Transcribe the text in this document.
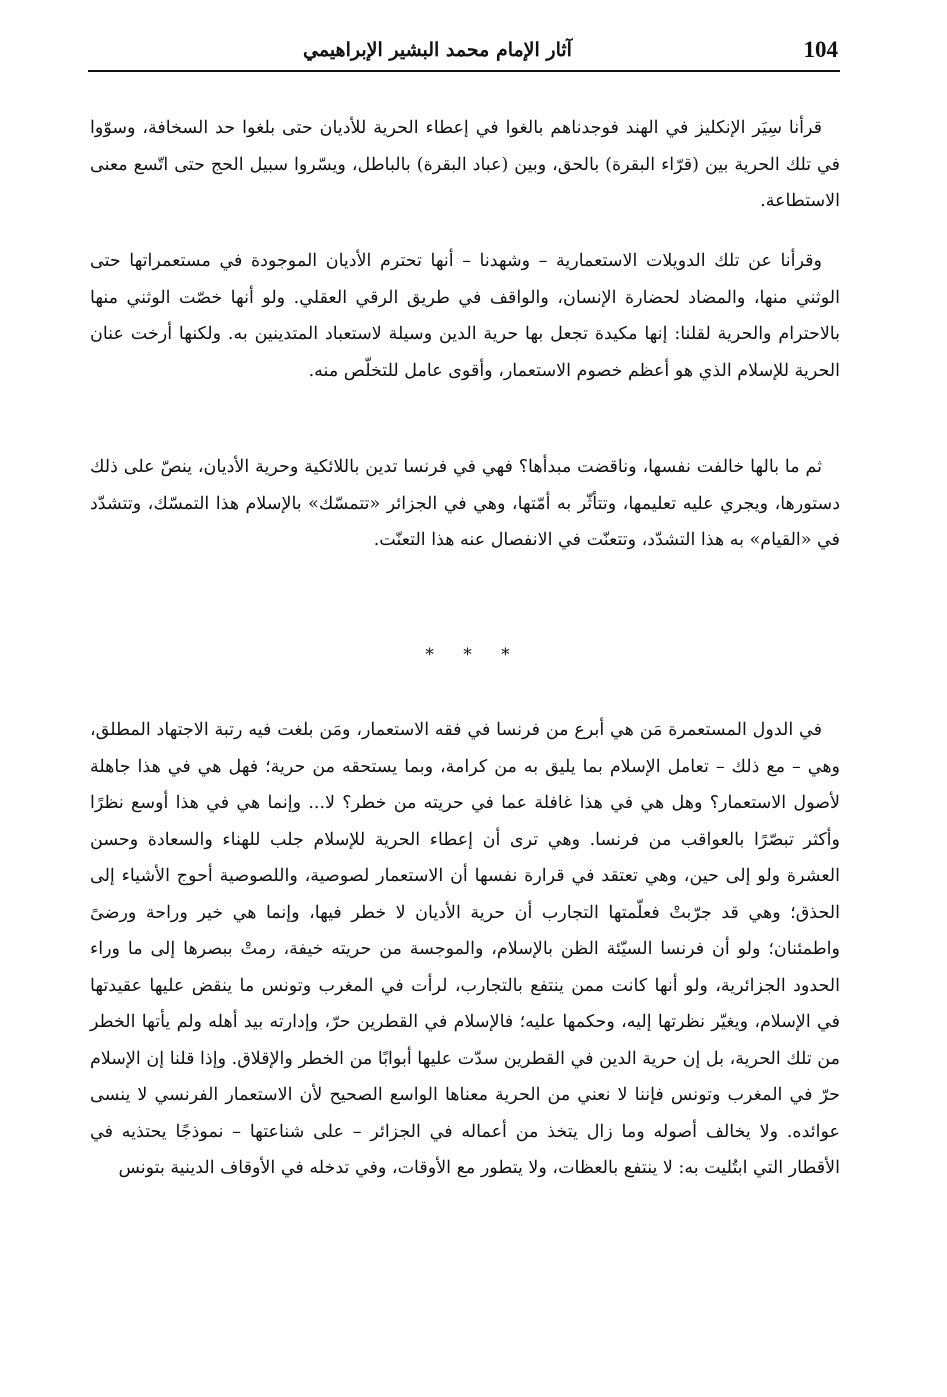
104
آثار الإمام محمد البشير الإبراهيمي

قرأنا سِيَر الإنكليز في الهند فوجدناهم بالغوا في إعطاء الحرية للأديان حتى بلغوا حد السخافة، وسوّوا في تلك الحرية بين (قرّاء البقرة) بالحق، وبين (عباد البقرة) بالباطل، ويسّروا سبيل الحج حتى اتّسع معنى الاستطاعة.

وقرأنا عن تلك الدويلات الاستعمارية – وشهدنا – أنها تحترم الأديان الموجودة في مستعمراتها حتى الوثني منها، والمضاد لحضارة الإنسان، والواقف في طريق الرقي العقلي. ولو أنها خصّت الوثني منها بالاحترام والحرية لقلنا: إنها مكيدة تجعل بها حرية الدين وسيلة لاستعباد المتدينين به. ولكنها أرخت عنان الحرية للإسلام الذي هو أعظم خصوم الاستعمار، وأقوى عامل للتخلّص منه.

ثم ما بالها خالفت نفسها، وناقضت مبدأها؟ فهي في فرنسا تدين باللائكية وحرية الأديان، ينصّ على ذلك دستورها، ويجري عليه تعليمها، وتتأثّر به أمّتها، وهي في الجزائر «تتمسّك» بالإسلام هذا التمسّك، وتتشدّد في «القيام» به هذا التشدّد، وتتعنّت في الانفصال عنه هذا التعنّت.

* * *

في الدول المستعمرة مَن هي أبرع من فرنسا في فقه الاستعمار، ومَن بلغت فيه رتبة الاجتهاد المطلق، وهي – مع ذلك – تعامل الإسلام بما يليق به من كرامة، وبما يستحقه من حرية؛ فهل هي في هذا جاهلة لأصول الاستعمار؟ وهل هي في هذا غافلة عما في حريته من خطر؟ لا... وإنما هي في هذا أوسع نظرًا وأكثر تبصّرًا بالعواقب من فرنسا. وهي ترى أن إعطاء الحرية للإسلام جلب للهناء والسعادة وحسن العشرة ولو إلى حين، وهي تعتقد في قرارة نفسها أن الاستعمار لصوصية، واللصوصية أحوج الأشياء إلى الحذق؛ وهي قد جرّبتْ فعلّمتها التجارب أن حرية الأديان لا خطر فيها، وإنما هي خير وراحة ورضىً واطمئنان؛ ولو أن فرنسا السيّئة الظن بالإسلام، والموجسة من حريته خيفة، رمتْ ببصرها إلى ما وراء الحدود الجزائرية، ولو أنها كانت ممن ينتفع بالتجارب، لرأت في المغرب وتونس ما ينقض عليها عقيدتها في الإسلام، ويغيّر نظرتها إليه، وحكمها عليه؛ فالإسلام في القطرين حرّ، وإدارته بيد أهله ولم يأتها الخطر من تلك الحرية، بل إن حرية الدين في القطرين سدّت عليها أبوابًا من الخطر والإقلاق. وإذا قلنا إن الإسلام حرّ في المغرب وتونس فإننا لا نعني من الحرية معناها الواسع الصحيح لأن الاستعمار الفرنسي لا ينسى عوائده. ولا يخالف أصوله وما زال يتخذ من أعماله في الجزائر – على شناعتها – نموذجًا يحتذيه في الأقطار التي ابتُليت به: لا ينتفع بالعظات، ولا يتطور مع الأوقات، وفي تدخله في الأوقاف الدينية بتونس
